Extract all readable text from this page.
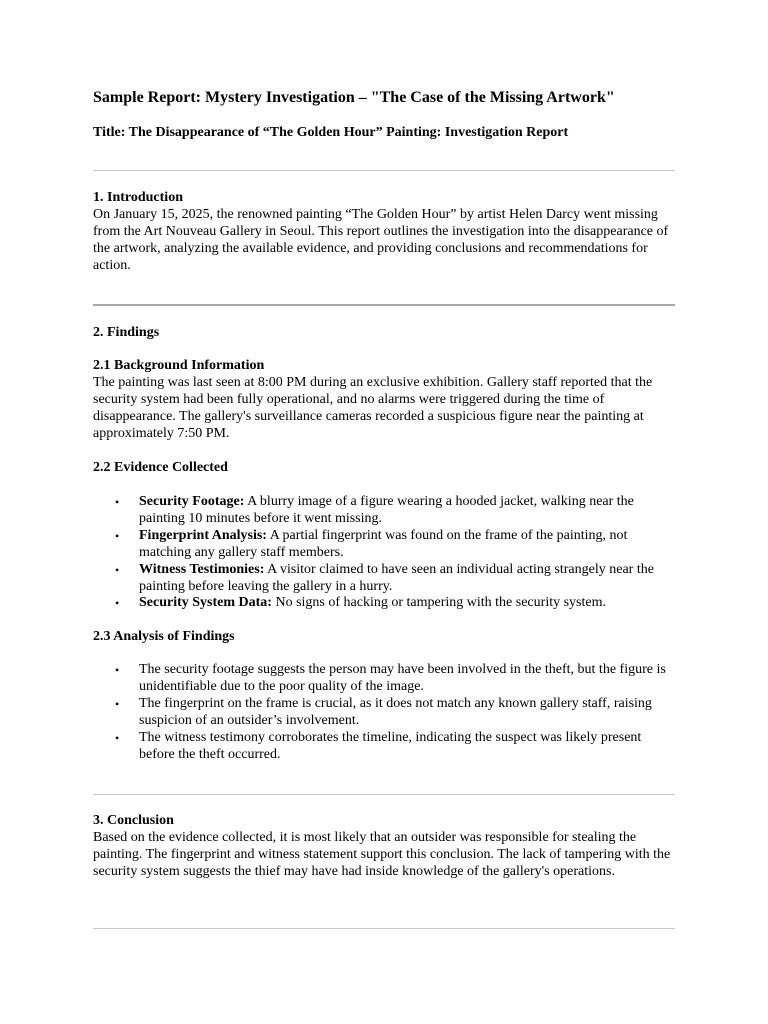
Sample Report: Mystery Investigation – "The Case of the Missing Artwork"
Title: The Disappearance of “The Golden Hour” Painting: Investigation Report
1. Introduction
On January 15, 2025, the renowned painting “The Golden Hour” by artist Helen Darcy went missing from the Art Nouveau Gallery in Seoul. This report outlines the investigation into the disappearance of the artwork, analyzing the available evidence, and providing conclusions and recommendations for action.
2. Findings
2.1 Background Information
The painting was last seen at 8:00 PM during an exclusive exhibition. Gallery staff reported that the security system had been fully operational, and no alarms were triggered during the time of disappearance. The gallery's surveillance cameras recorded a suspicious figure near the painting at approximately 7:50 PM.
2.2 Evidence Collected
• Security Footage: A blurry image of a figure wearing a hooded jacket, walking near the painting 10 minutes before it went missing.
• Fingerprint Analysis: A partial fingerprint was found on the frame of the painting, not matching any gallery staff members.
• Witness Testimonies: A visitor claimed to have seen an individual acting strangely near the painting before leaving the gallery in a hurry.
• Security System Data: No signs of hacking or tampering with the security system.
2.3 Analysis of Findings
• The security footage suggests the person may have been involved in the theft, but the figure is unidentifiable due to the poor quality of the image.
• The fingerprint on the frame is crucial, as it does not match any known gallery staff, raising suspicion of an outsider’s involvement.
• The witness testimony corroborates the timeline, indicating the suspect was likely present before the theft occurred.
3. Conclusion
Based on the evidence collected, it is most likely that an outsider was responsible for stealing the painting. The fingerprint and witness statement support this conclusion. The lack of tampering with the security system suggests the thief may have had inside knowledge of the gallery's operations.
